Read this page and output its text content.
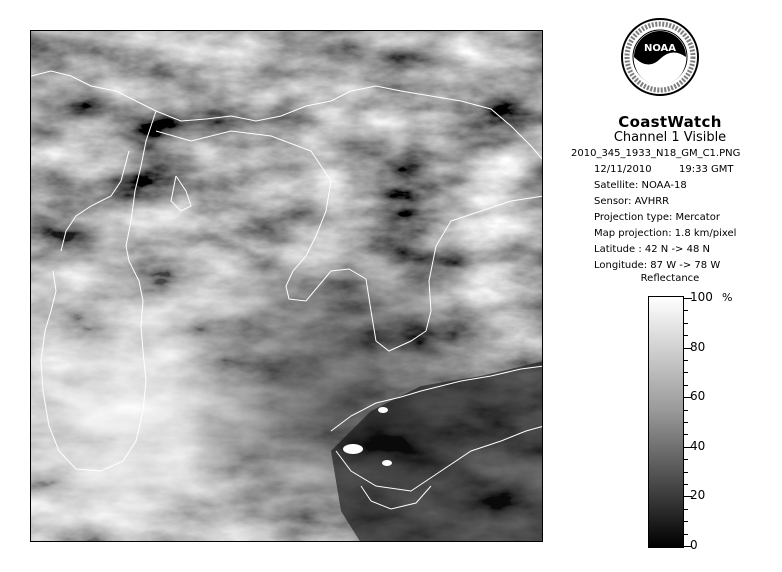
NOAA
CoastWatch
Channel 1 Visible
2010_345_1933_N18_GM_C1.PNG
12/11/2010	19:33 GMT
Satellite: NOAA-18
Sensor: AVHRR
Projection type: Mercator
Map projection: 1.8 km/pixel
Latitude : 42 N -> 48 N
Longitude: 87 W -> 78 W
Reflectance
%
100
80
60
40
20
0
